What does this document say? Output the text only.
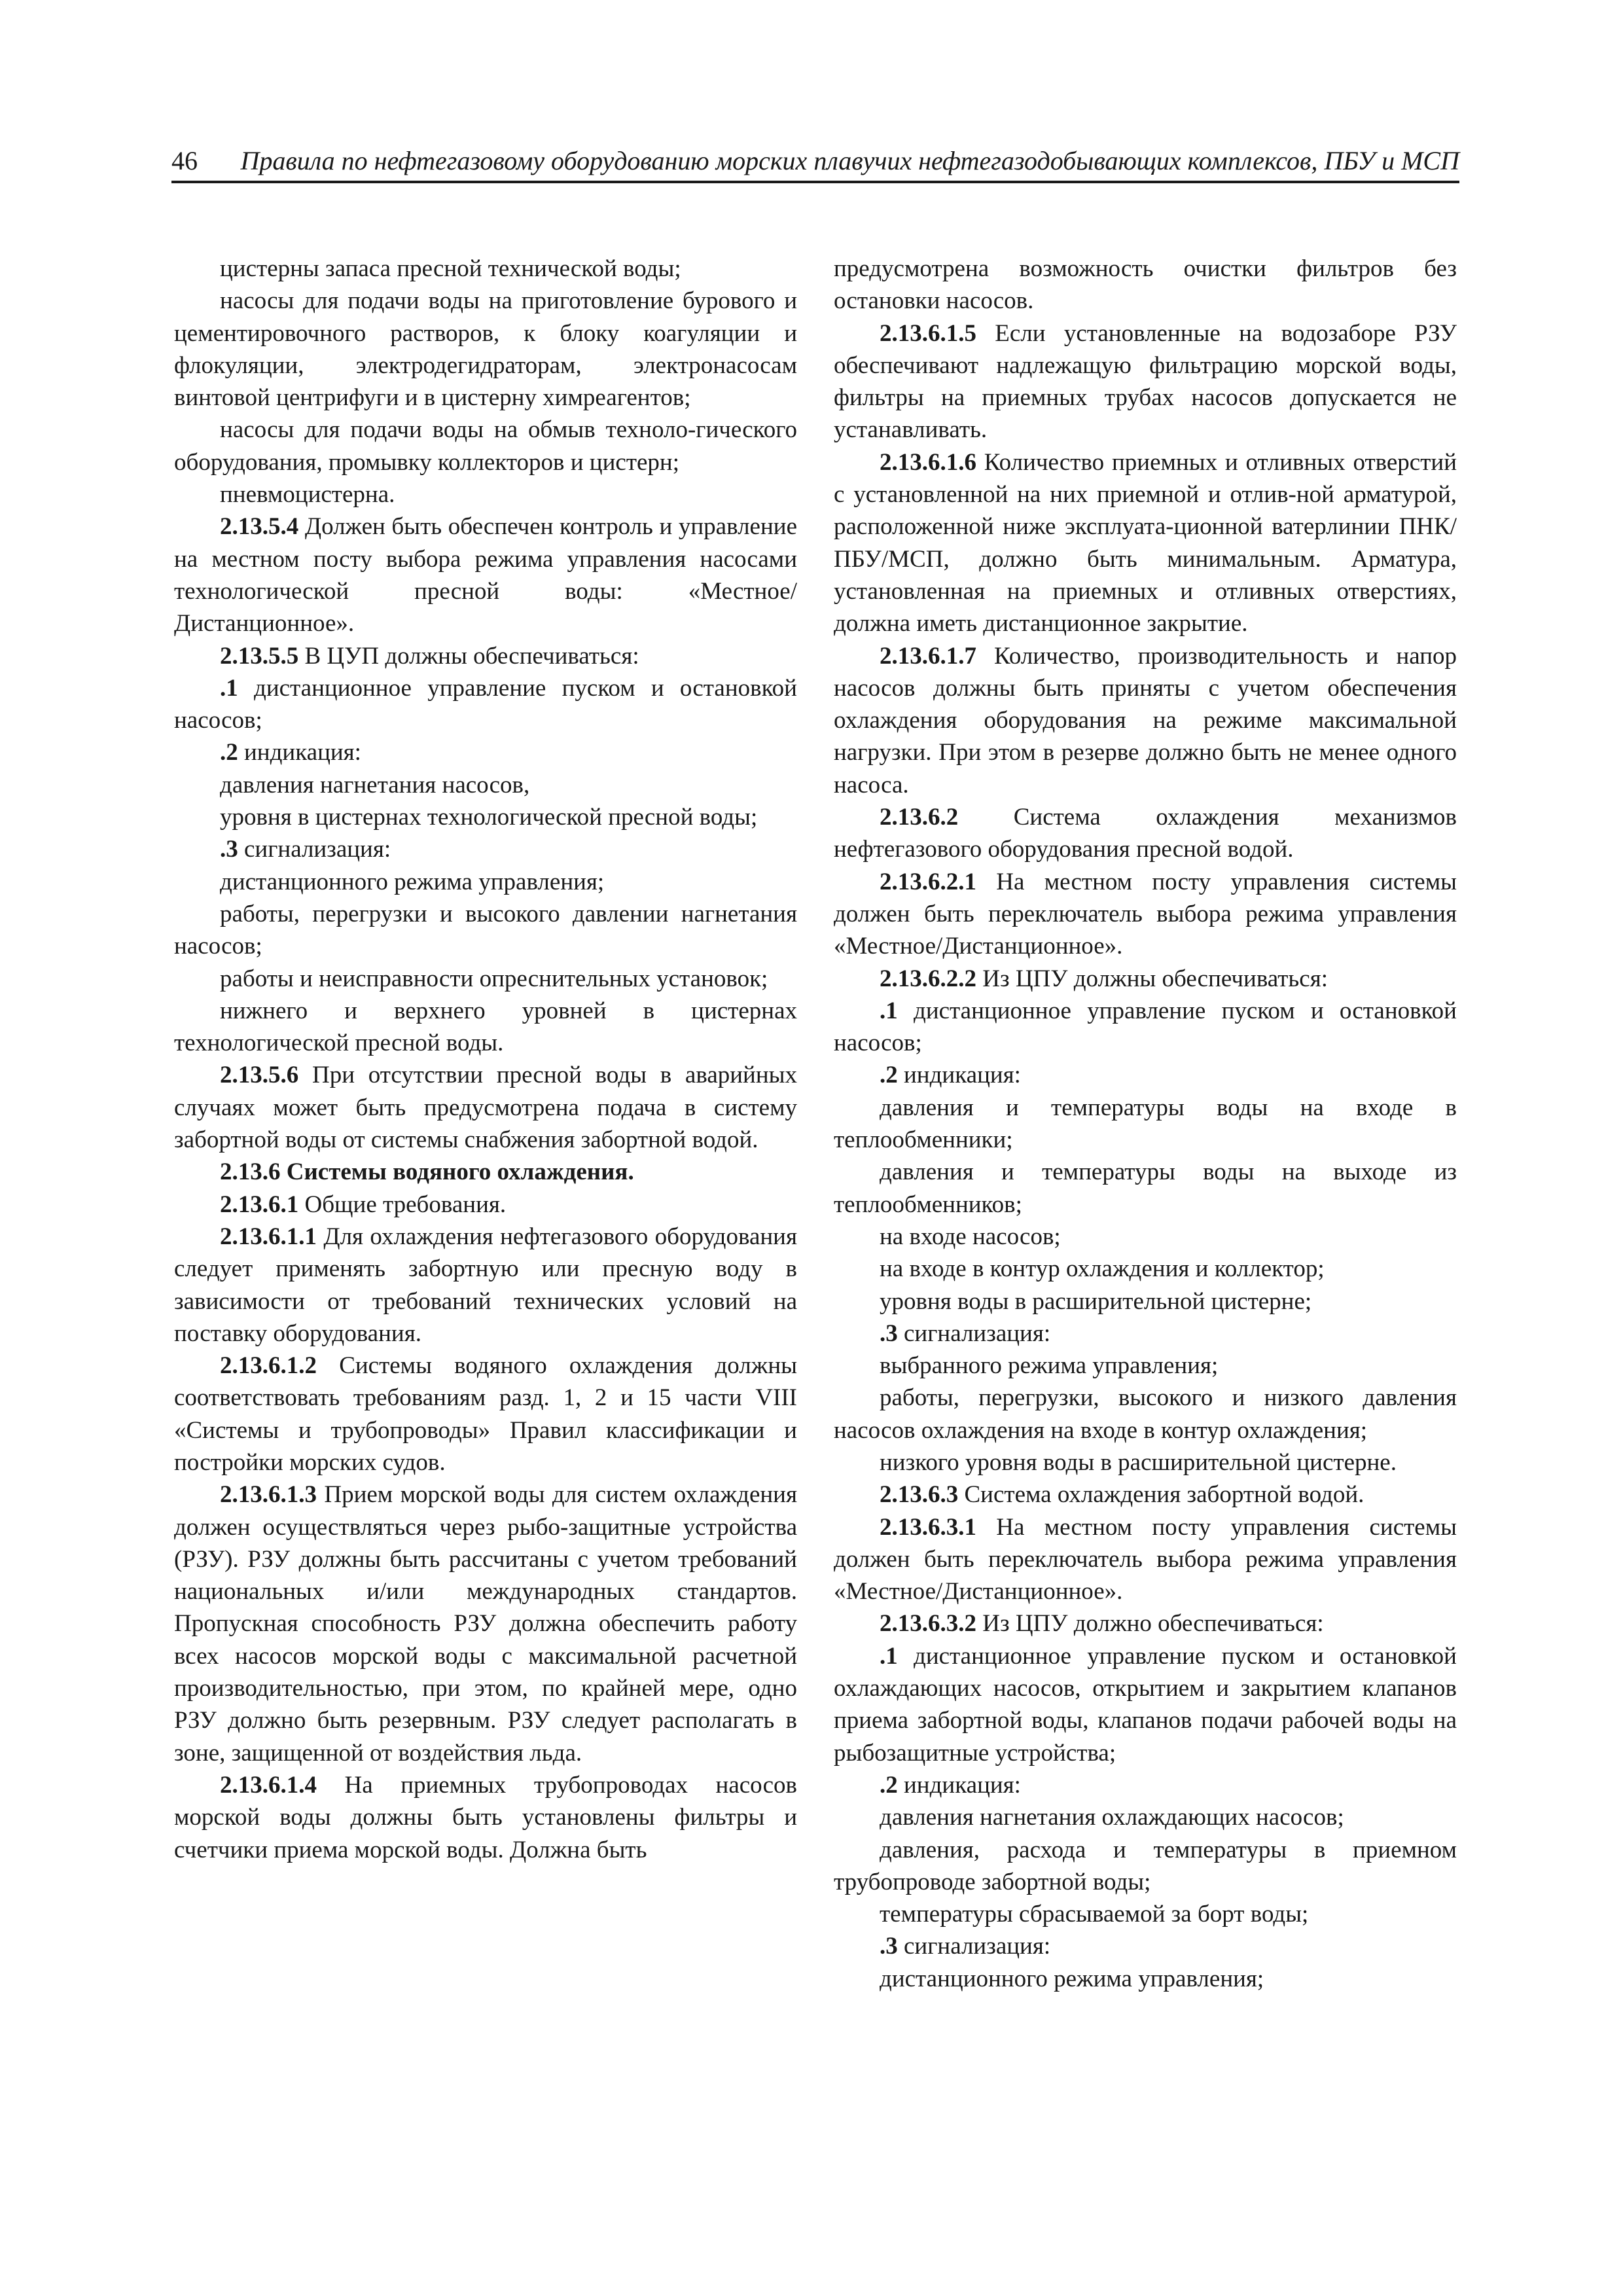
46 Правила по нефтегазовому оборудованию морских плавучих нефтегазодобывающих комплексов, ПБУ и МСП

цистерны запаса пресной технической воды;

насосы для подачи воды на приготовление бурового и цементировочного растворов, к блоку коагуляции и флокуляции, электродегидраторам, электронасосам винтовой центрифуги и в цистерну химреагентов;

насосы для подачи воды на обмыв техноло-гического оборудования, промывку коллекторов и цистерн;

пневмоцистерна.

2.13.5.4 Должен быть обеспечен контроль и управление на местном посту выбора режима управления насосами технологической пресной воды: «Местное/Дистанционное».

2.13.5.5 В ЦУП должны обеспечиваться:

.1 дистанционное управление пуском и остановкой насосов;

.2 индикация:

давления нагнетания насосов,

уровня в цистернах технологической пресной воды;

.3 сигнализация:

дистанционного режима управления;

работы, перегрузки и высокого давлении нагнетания насосов;

работы и неисправности опреснительных установок;

нижнего и верхнего уровней в цистернах технологической пресной воды.

2.13.5.6 При отсутствии пресной воды в аварийных случаях может быть предусмотрена подача в систему забортной воды от системы снабжения забортной водой.

2.13.6 Системы водяного охлаждения.

2.13.6.1 Общие требования.

2.13.6.1.1 Для охлаждения нефтегазового оборудования следует применять забортную или пресную воду в зависимости от требований технических условий на поставку оборудования.

2.13.6.1.2 Системы водяного охлаждения должны соответствовать требованиям разд. 1, 2 и 15 части VIII «Системы и трубопроводы» Правил классификации и постройки морских судов.

2.13.6.1.3 Прием морской воды для систем охлаждения должен осуществляться через рыбо-защитные устройства (РЗУ). РЗУ должны быть рассчитаны с учетом требований национальных и/или международных стандартов. Пропускная способность РЗУ должна обеспечить работу всех насосов морской воды с максимальной расчетной производительностью, при этом, по крайней мере, одно РЗУ должно быть резервным. РЗУ следует располагать в зоне, защищенной от воздействия льда.

2.13.6.1.4 На приемных трубопроводах насосов морской воды должны быть установлены фильтры и счетчики приема морской воды. Должна быть

предусмотрена возможность очистки фильтров без остановки насосов.

2.13.6.1.5 Если установленные на водозаборе РЗУ обеспечивают надлежащую фильтрацию морской воды, фильтры на приемных трубах насосов допускается не устанавливать.

2.13.6.1.6 Количество приемных и отливных отверстий с установленной на них приемной и отлив-ной арматурой, расположенной ниже эксплуата-ционной ватерлинии ПНК/ПБУ/МСП, должно быть минимальным. Арматура, установленная на приемных и отливных отверстиях, должна иметь дистанционное закрытие.

2.13.6.1.7 Количество, производительность и напор насосов должны быть приняты с учетом обеспечения охлаждения оборудования на режиме максимальной нагрузки. При этом в резерве должно быть не менее одного насоса.

2.13.6.2 Система охлаждения механизмов нефтегазового оборудования пресной водой.

2.13.6.2.1 На местном посту управления системы должен быть переключатель выбора режима управления «Местное/Дистанционное».

2.13.6.2.2 Из ЦПУ должны обеспечиваться:

.1 дистанционное управление пуском и остановкой насосов;

.2 индикация:

давления и температуры воды на входе в теплообменники;

давления и температуры воды на выходе из теплообменников;

на входе насосов;

на входе в контур охлаждения и коллектор;

уровня воды в расширительной цистерне;

.3 сигнализация:

выбранного режима управления;

работы, перегрузки, высокого и низкого давления насосов охлаждения на входе в контур охлаждения;

низкого уровня воды в расширительной цистерне.

2.13.6.3 Система охлаждения забортной водой.

2.13.6.3.1 На местном посту управления системы должен быть переключатель выбора режима управления «Местное/Дистанционное».

2.13.6.3.2 Из ЦПУ должно обеспечиваться:

.1 дистанционное управление пуском и остановкой охлаждающих насосов, открытием и закрытием клапанов приема забортной воды, клапанов подачи рабочей воды на рыбозащитные устройства;

.2 индикация:

давления нагнетания охлаждающих насосов;

давления, расхода и температуры в приемном трубопроводе забортной воды;

температуры сбрасываемой за борт воды;

.3 сигнализация:

дистанционного режима управления;
